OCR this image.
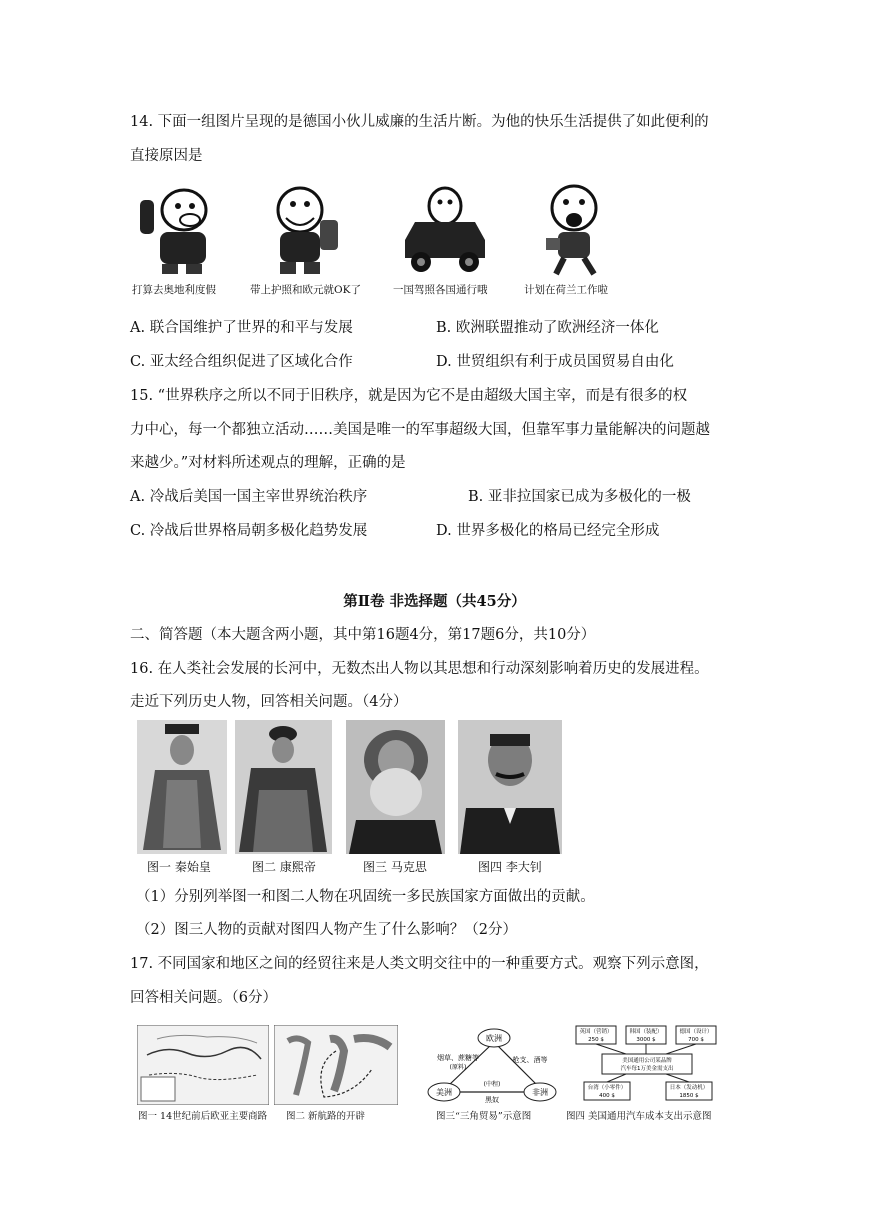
14. 下面一组图片呈现的是德国小伙儿威廉的生活片断。为他的快乐生活提供了如此便利的
直接原因是
打算去奥地利度假	带上护照和欧元就OK了	一国驾照各国通行哦	计划在荷兰工作啦
A. 联合国维护了世界的和平与发展	B. 欧洲联盟推动了欧洲经济一体化
C. 亚太经合组织促进了区域化合作	D. 世贸组织有利于成员国贸易自由化
15. “世界秩序之所以不同于旧秩序，就是因为它不是由超级大国主宰，而是有很多的权
力中心，每一个都独立活动……美国是唯一的军事超级大国，但靠军事力量能解决的问题越
来越少。”对材料所述观点的理解，正确的是
A. 冷战后美国一国主宰世界统治秩序	B. 亚非拉国家已成为多极化的一极
C. 冷战后世界格局朝多极化趋势发展	D. 世界多极化的格局已经完全形成
第Ⅱ卷 非选择题（共45分）
二、简答题（本大题含两小题，其中第16题4分，第17题6分，共10分）
16. 在人类社会发展的长河中，无数杰出人物以其思想和行动深刻影响着历史的发展进程。
走近下列历史人物，回答相关问题。（4分）
图一 秦始皇	图二 康熙帝	图三 马克思	图四 李大钊
（1）分别列举图一和图二人物在巩固统一多民族国家方面做出的贡献。
（2）图三人物的贡献对图四人物产生了什么影响？（2分）
17. 不同国家和地区之间的经贸往来是人类文明交往中的一种重要方式。观察下列示意图，
回答相关问题。（6分）
图一 14世纪前后欧亚主要商路 图二 新航路的开辟
欧洲
美洲	非洲
烟草、蔗糖等
(原料)
枪支、酒等
(中程)
黑奴
图三“三角贸易”示意图
英国（营销）
250 $
韩国（装配）
3000 $
德国（设计）
700 $
美国通用公司某品牌
汽车每1万美金需支出
台湾（小零件）
400 $
日本（发动机）
1850 $
图四 美国通用汽车成本支出示意图
